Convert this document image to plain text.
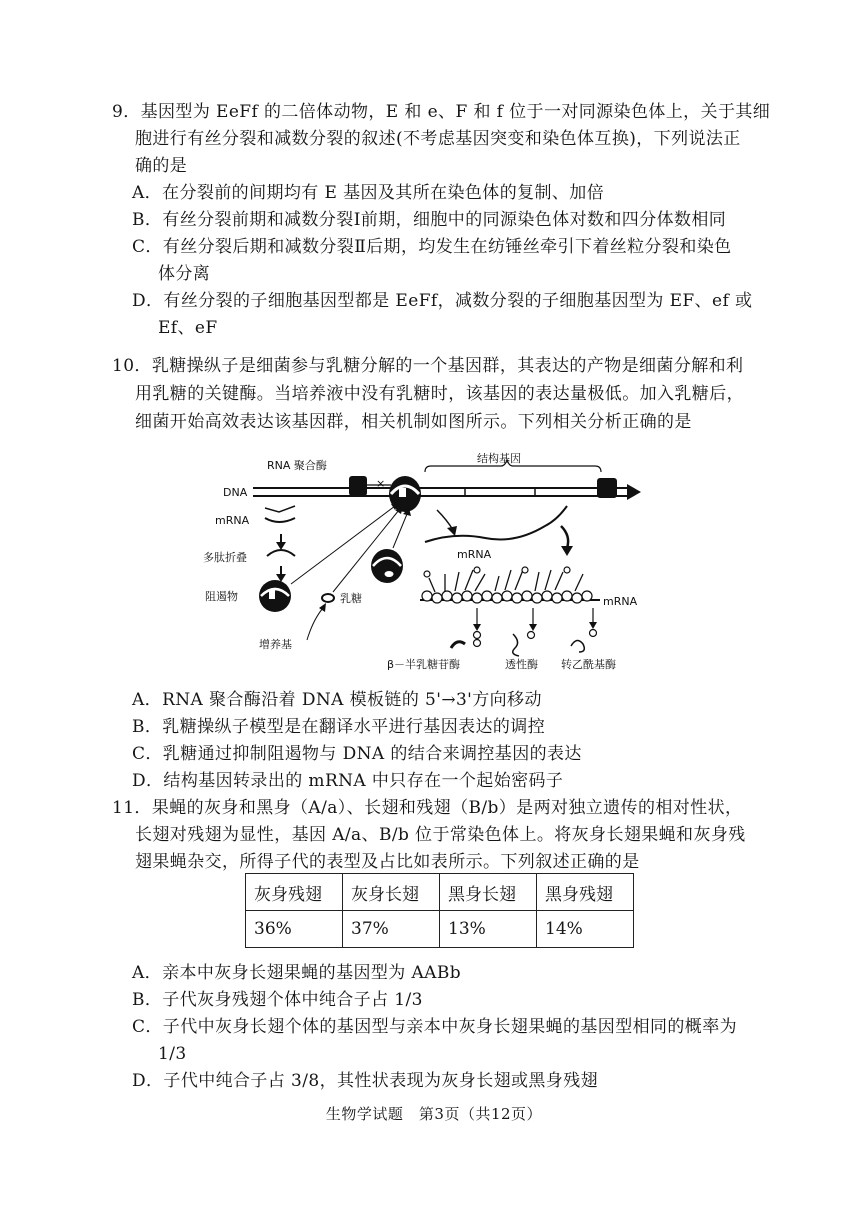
9．基因型为 EeFf 的二倍体动物，E 和 e、F 和 f 位于一对同源染色体上，关于其细
胞进行有丝分裂和减数分裂的叙述(不考虑基因突变和染色体互换)，下列说法正
确的是
A．在分裂前的间期均有 E 基因及其所在染色体的复制、加倍
B．有丝分裂前期和减数分裂Ⅰ前期，细胞中的同源染色体对数和四分体数相同
C．有丝分裂后期和减数分裂Ⅱ后期，均发生在纺锤丝牵引下着丝粒分裂和染色
体分离
D．有丝分裂的子细胞基因型都是 EeFf，减数分裂的子细胞基因型为 EF、ef 或
Ef、eF
10．乳糖操纵子是细菌参与乳糖分解的一个基因群，其表达的产物是细菌分解和利
用乳糖的关键酶。当培养液中没有乳糖时，该基因的表达量极低。加入乳糖后，
细菌开始高效表达该基因群，相关机制如图所示。下列相关分析正确的是
DNA
RNA 聚合酶
×
结构基因
mRNA
多肽折叠
阻遏物	乳糖
增养基
mRNA
mRNA
β－半乳糖苷酶	透性酶 转乙酰基酶
A．RNA 聚合酶沿着 DNA 模板链的 5'→3'方向移动
B．乳糖操纵子模型是在翻译水平进行基因表达的调控
C．乳糖通过抑制阻遏物与 DNA 的结合来调控基因的表达
D．结构基因转录出的 mRNA 中只存在一个起始密码子
11．果蝇的灰身和黑身（A/a）、长翅和残翅（B/b）是两对独立遗传的相对性状，
长翅对残翅为显性，基因 A/a、B/b 位于常染色体上。将灰身长翅果蝇和灰身残
翅果蝇杂交，所得子代的表型及占比如表所示。下列叙述正确的是
灰身残翅	灰身长翅	黑身长翅	黑身残翅
36%	37%	13%	14%
A．亲本中灰身长翅果蝇的基因型为 AABb
B．子代灰身残翅个体中纯合子占 1/3
C．子代中灰身长翅个体的基因型与亲本中灰身长翅果蝇的基因型相同的概率为
1/3
D．子代中纯合子占 3/8，其性状表现为灰身长翅或黑身残翅
生物学试题　第3页（共12页）
